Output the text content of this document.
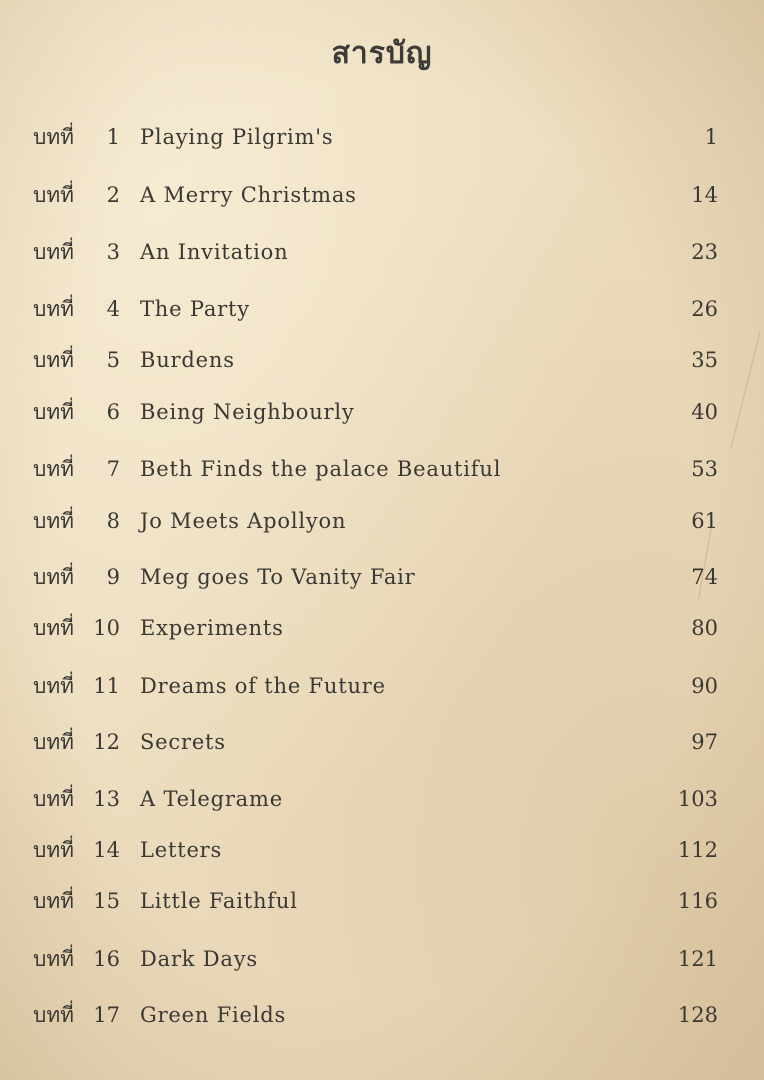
สารบัญ
บทที่	1 Playing Pilgrim's	1
บทที่	2 A Merry Christmas	14
บทที่	3 An Invitation	23
บทที่	4 The Party	26
บทที่	5 Burdens	35
บทที่	6 Being Neighbourly	40
บทที่	7 Beth Finds the palace Beautiful	53
บทที่	8 Jo Meets Apollyon	61
บทที่	9 Meg goes To Vanity Fair	74
บทที่ 10 Experiments	80
บทที่ 11 Dreams of the Future	90
บทที่ 12 Secrets	97
บทที่ 13 A Telegrame	103
บทที่ 14 Letters	112
บทที่ 15 Little Faithful	116
บทที่ 16 Dark Days	121
บทที่ 17 Green Fields	128
